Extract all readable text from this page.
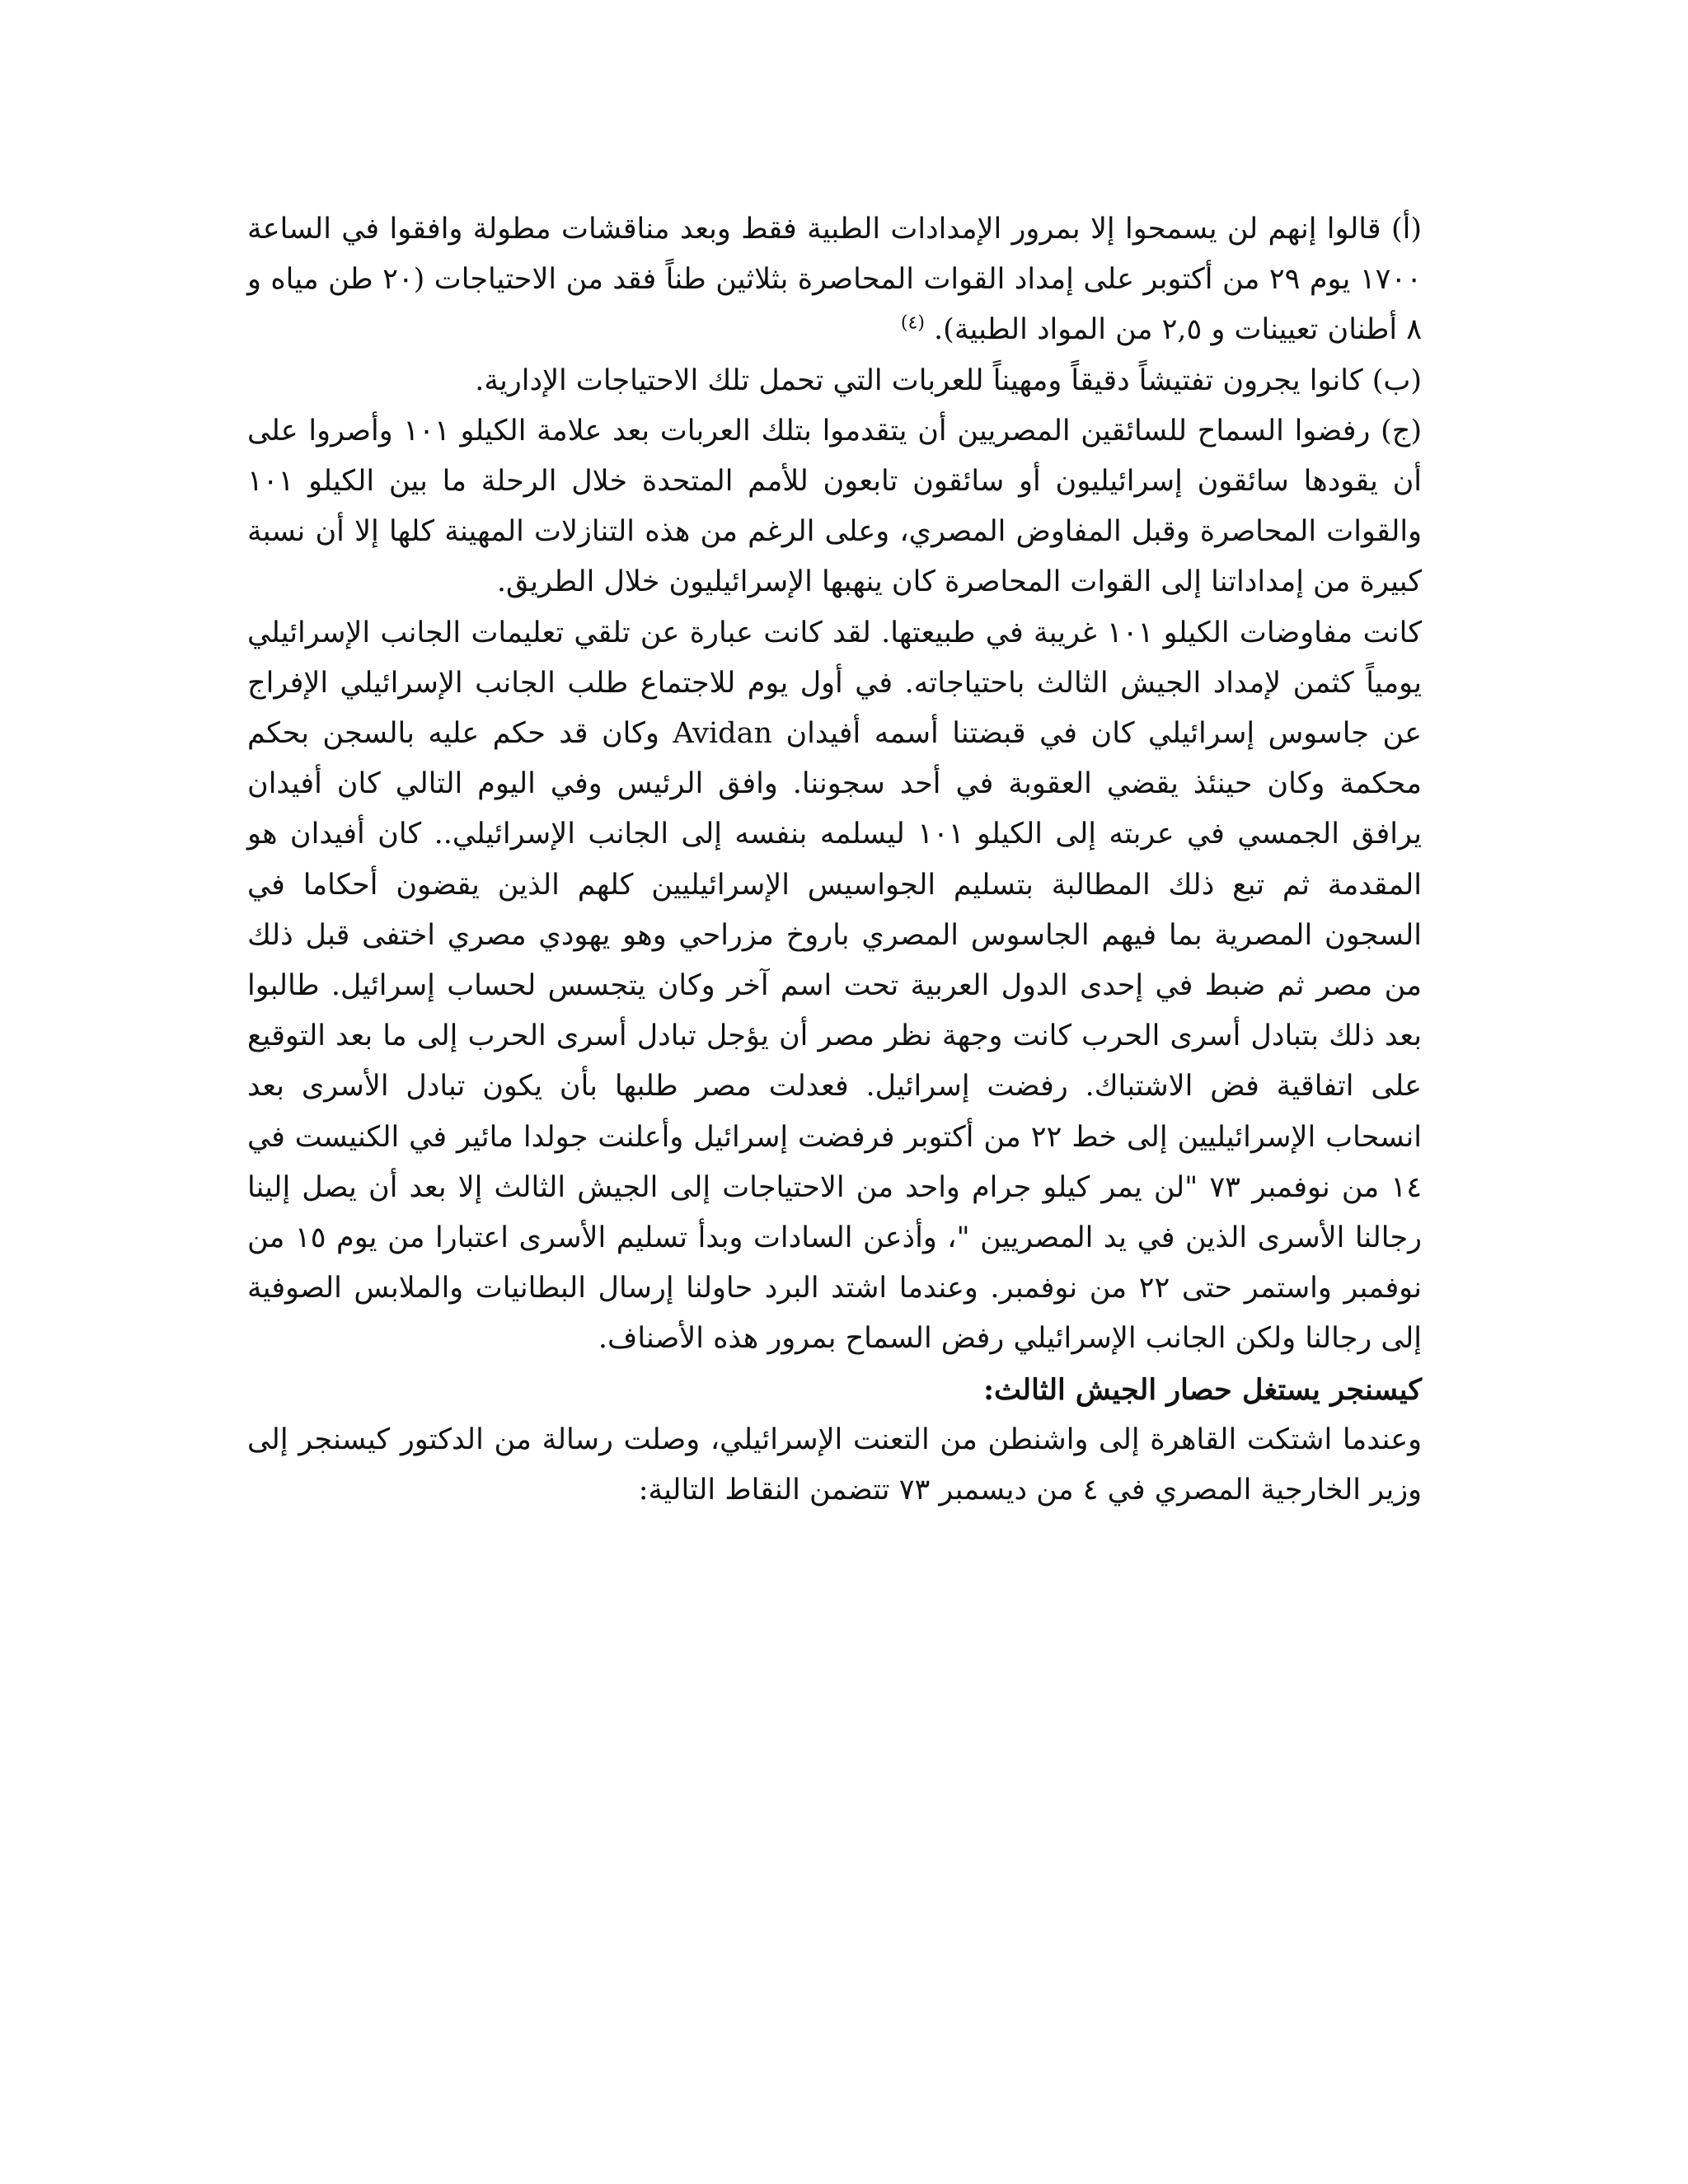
(أ) قالوا إنهم لن يسمحوا إلا بمرور الإمدادات الطبية فقط وبعد مناقشات مطولة وافقوا في الساعة ١٧٠٠ يوم ٢٩ من أكتوبر على إمداد القوات المحاصرة بثلاثين طناً فقد من الاحتياجات (٢٠ طن مياه و ٨ أطنان تعيينات و ٢,٥ من المواد الطبية). $^{(٤)}$

(ب) كانوا يجرون تفتيشاً دقيقاً ومهيناً للعربات التي تحمل تلك الاحتياجات الإدارية.

(ج) رفضوا السماح للسائقين المصريين أن يتقدموا بتلك العربات بعد علامة الكيلو ١٠١ وأصروا على أن يقودها سائقون إسرائيليون أو سائقون تابعون للأمم المتحدة خلال الرحلة ما بين الكيلو ١٠١ والقوات المحاصرة وقبل المفاوض المصري، وعلى الرغم من هذه التنازلات المهينة كلها إلا أن نسبة كبيرة من إمداداتنا إلى القوات المحاصرة كان ينهبها الإسرائيليون خلال الطريق.

كانت مفاوضات الكيلو ١٠١ غريبة في طبيعتها. لقد كانت عبارة عن تلقي تعليمات الجانب الإسرائيلي يومياً كثمن لإمداد الجيش الثالث باحتياجاته. في أول يوم للاجتماع طلب الجانب الإسرائيلي الإفراج عن جاسوس إسرائيلي كان في قبضتنا أسمه أفيدان Avidan وكان قد حكم عليه بالسجن بحكم محكمة وكان حينئذ يقضي العقوبة في أحد سجوننا. وافق الرئيس وفي اليوم التالي كان أفيدان يرافق الجمسي في عربته إلى الكيلو ١٠١ ليسلمه بنفسه إلى الجانب الإسرائيلي.. كان أفيدان هو المقدمة ثم تبع ذلك المطالبة بتسليم الجواسيس الإسرائيليين كلهم الذين يقضون أحكاما في السجون المصرية بما فيهم الجاسوس المصري باروخ مزراحي وهو يهودي مصري اختفى قبل ذلك من مصر ثم ضبط في إحدى الدول العربية تحت اسم آخر وكان يتجسس لحساب إسرائيل. طالبوا بعد ذلك بتبادل أسرى الحرب كانت وجهة نظر مصر أن يؤجل تبادل أسرى الحرب إلى ما بعد التوقيع على اتفاقية فض الاشتباك. رفضت إسرائيل. فعدلت مصر طلبها بأن يكون تبادل الأسرى بعد انسحاب الإسرائيليين إلى خط ٢٢ من أكتوبر فرفضت إسرائيل وأعلنت جولدا مائير في الكنيست في ١٤ من نوفمبر ٧٣ "لن يمر كيلو جرام واحد من الاحتياجات إلى الجيش الثالث إلا بعد أن يصل إلينا رجالنا الأسرى الذين في يد المصريين "، وأذعن السادات وبدأ تسليم الأسرى اعتبارا من يوم ١٥ من نوفمبر واستمر حتى ٢٢ من نوفمبر. وعندما اشتد البرد حاولنا إرسال البطانيات والملابس الصوفية إلى رجالنا ولكن الجانب الإسرائيلي رفض السماح بمرور هذه الأصناف.

كيسنجر يستغل حصار الجيش الثالث:

وعندما اشتكت القاهرة إلى واشنطن من التعنت الإسرائيلي، وصلت رسالة من الدكتور كيسنجر إلى وزير الخارجية المصري في ٤ من ديسمبر ٧٣ تتضمن النقاط التالية:
